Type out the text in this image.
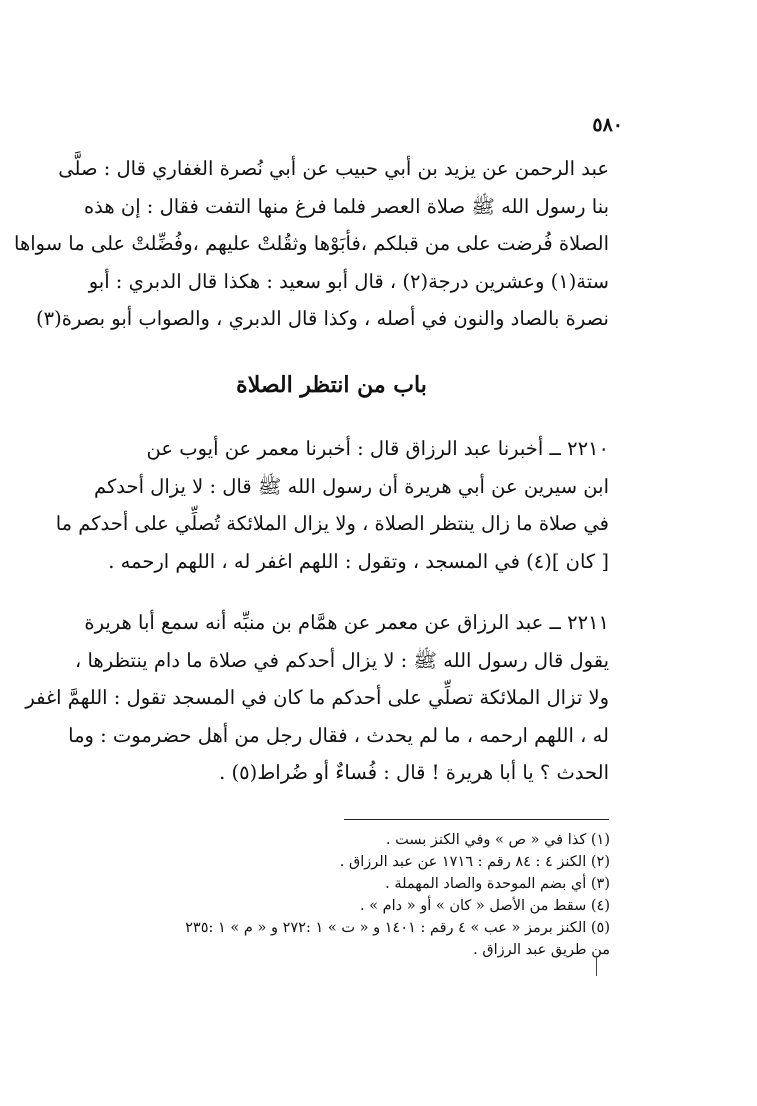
٥٨٠
عبد الرحمن عن يزيد بن أبي حبيب عن أبي نُصرة الغفاري قال : صلَّى
بنا رسول الله ﷺ صلاة العصر فلما فرغ منها التفت فقال : إن هذه
الصلاة فُرضت على من قبلكم ،فأبَوْها وثقُلتْ عليهم ،وفُضِّلتْ على ما سواها
ستة(١) وعشرين درجة(٢) ، قال أبو سعيد : هكذا قال الدبري : أبو
نصرة بالصاد والنون في أصله ، وكذا قال الدبري ، والصواب أبو بصرة(٣)
باب من انتظر الصلاة
٢٢١٠ ــ أخبرنا عبد الرزاق قال : أخبرنا معمر عن أيوب عن
ابن سيرين عن أبي هريرة أن رسول الله ﷺ قال : لا يزال أحدكم
في صلاة ما زال ينتظر الصلاة ، ولا يزال الملائكة تُصلِّي على أحدكم ما
[ كان ](٤) في المسجد ، وتقول : اللهم اغفر له ، اللهم ارحمه .
٢٢١١ ــ عبد الرزاق عن معمر عن همَّام بن منبِّه أنه سمع أبا هريرة
يقول قال رسول الله ﷺ : لا يزال أحدكم في صلاة ما دام ينتظرها ،
ولا تزال الملائكة تصلِّي على أحدكم ما كان في المسجد تقول : اللهمَّ اغفر
له ، اللهم ارحمه ، ما لم يحدث ، فقال رجل من أهل حضرموت : وما
الحدث ؟ يا أبا هريرة ! قال : فُساءٌ أو ضُراط(٥) .
(١) كذا في « ص » وفي الكنز بست .
(٢) الكنز ٤ : ٨٤ رقم : ١٧١٦ عن عبد الرزاق .
(٣) أي بضم الموحدة والصاد المهملة .
(٤) سقط من الأصل « كان » أو « دام » .
(٥) الكنز برمز « عب » ٤ رقم : ١٤٠١ و « ت » ١ :٢٧٢ و « م » ١ :٢٣٥
من طريق عبد الرزاق .
